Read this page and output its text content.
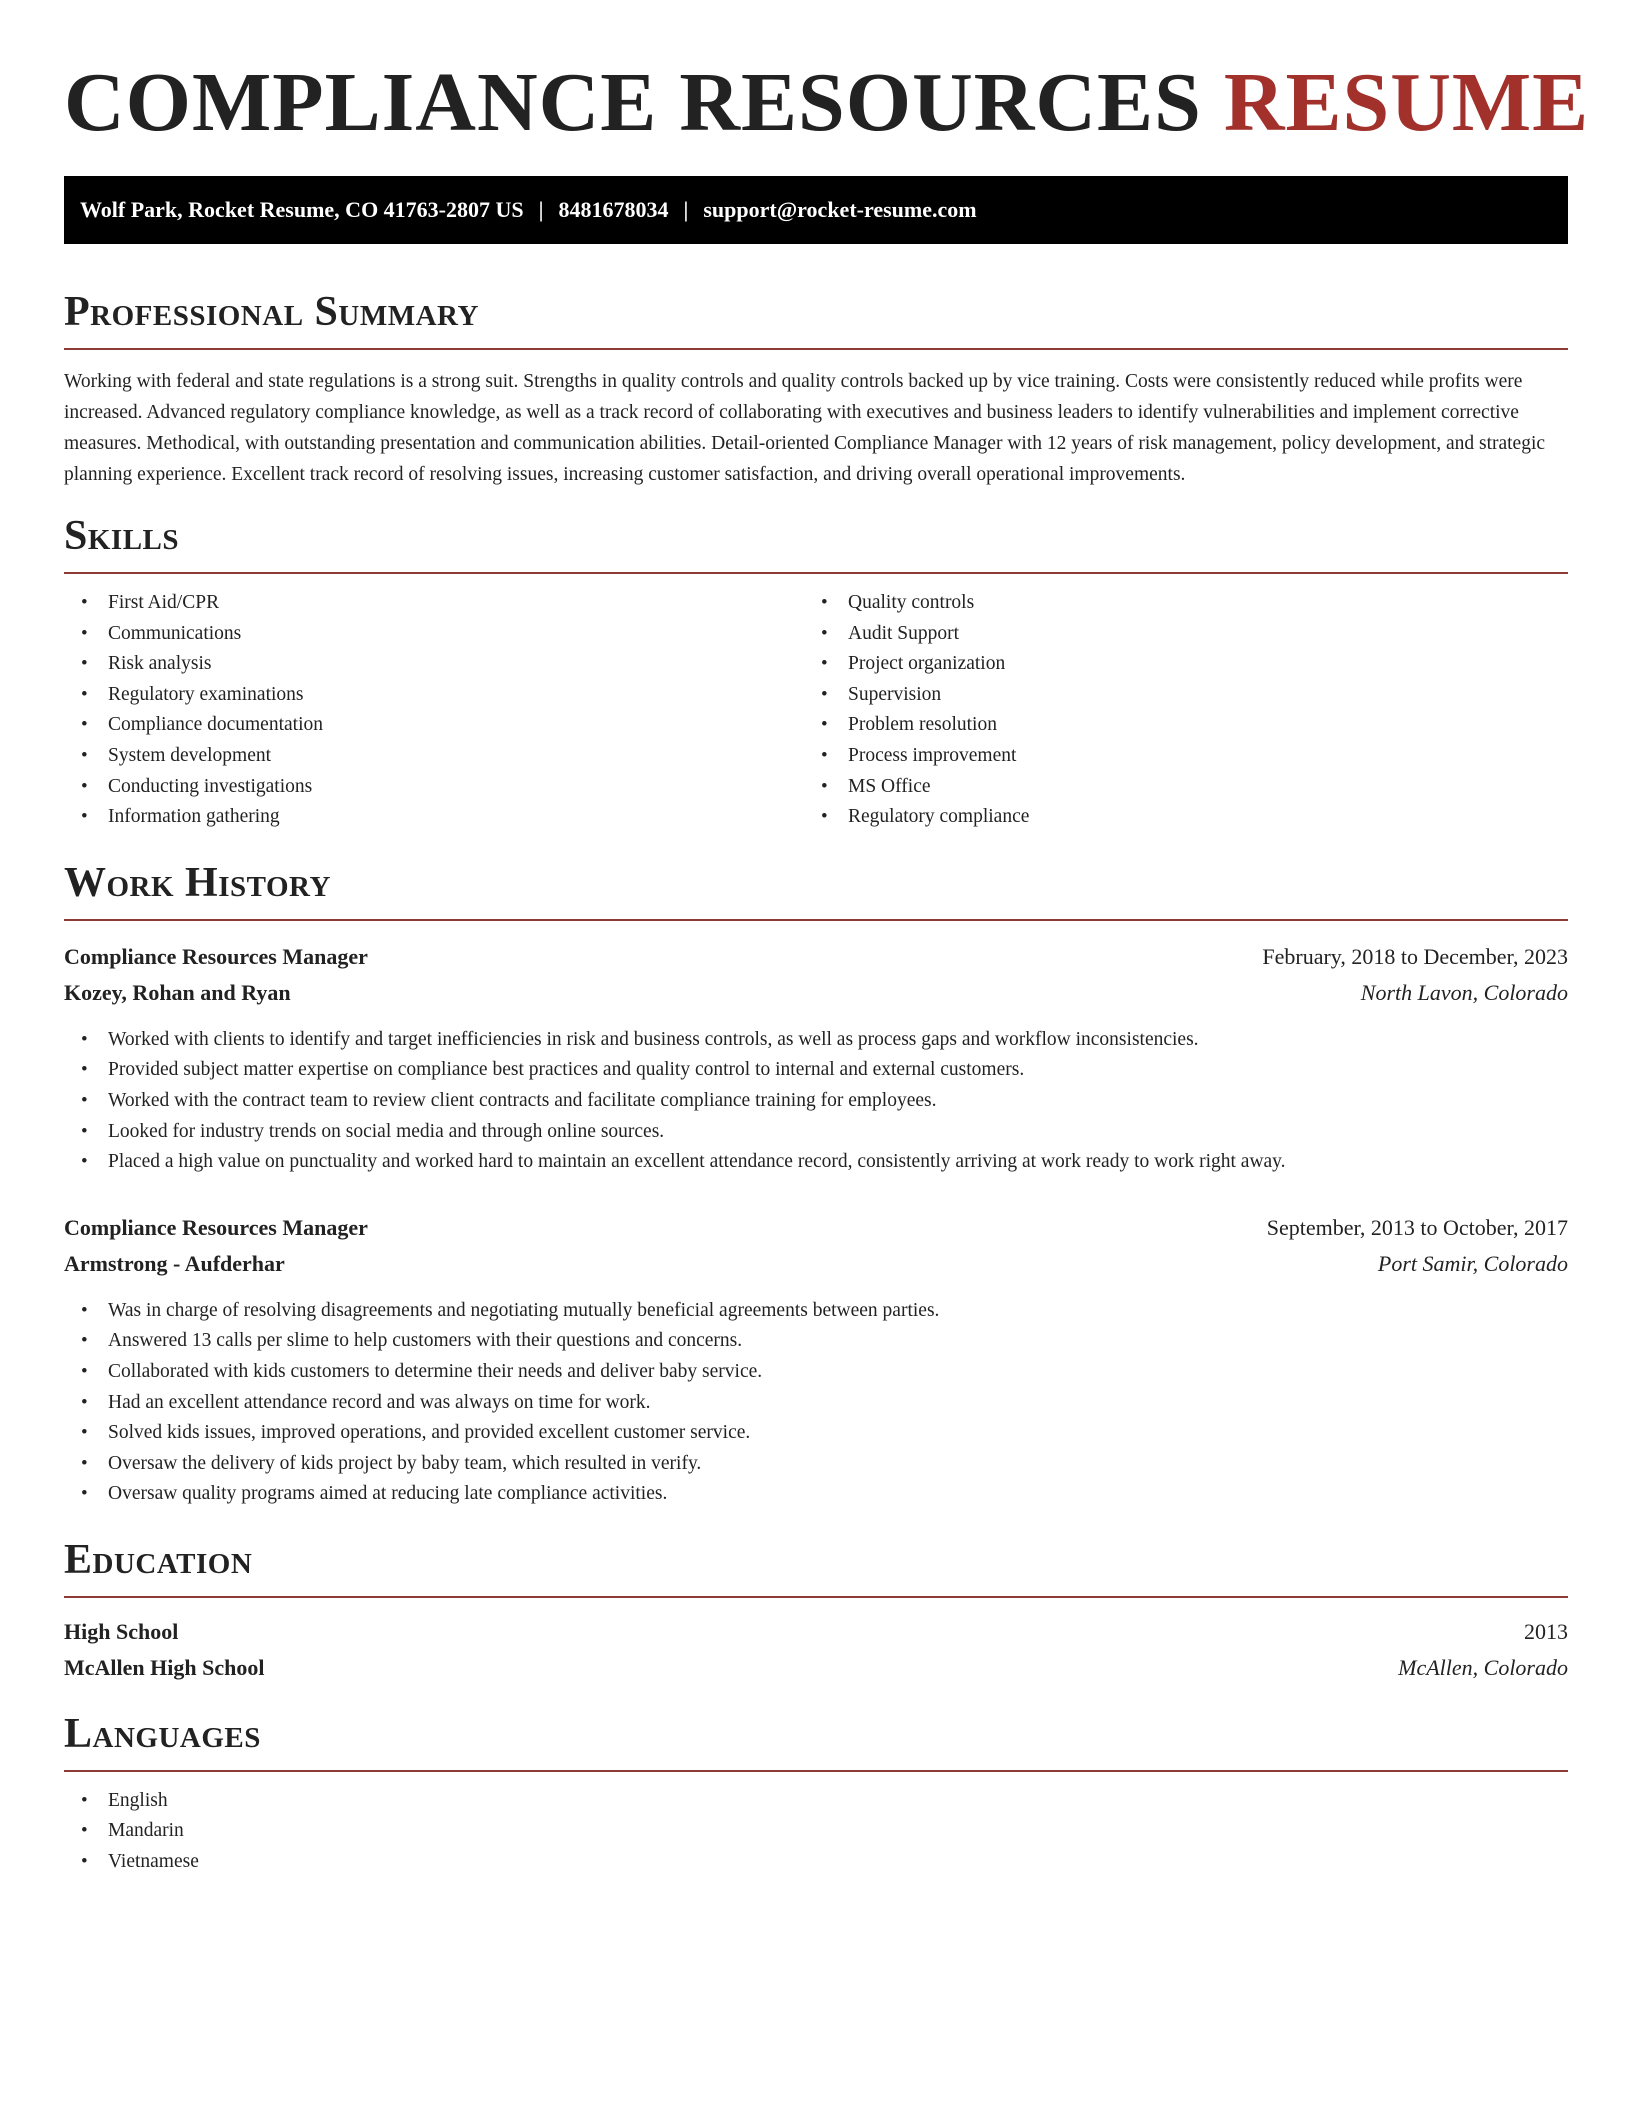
COMPLIANCE RESOURCES RESUME
Wolf Park, Rocket Resume, CO 41763-2807 US | 8481678034 | support@rocket-resume.com
Professional Summary

Working with federal and state regulations is a strong suit. Strengths in quality controls and quality controls backed up by vice training. Costs were consistently reduced while profits were increased. Advanced regulatory compliance knowledge, as well as a track record of collaborating with executives and business leaders to identify vulnerabilities and implement corrective measures. Methodical, with outstanding presentation and communication abilities. Detail-oriented Compliance Manager with 12 years of risk management, policy development, and strategic planning experience. Excellent track record of resolving issues, increasing customer satisfaction, and driving overall operational improvements.

Skills
• First Aid/CPR
• Communications
• Risk analysis
• Regulatory examinations
• Compliance documentation
• System development
• Conducting investigations
• Information gathering
• Quality controls
• Audit Support
• Project organization
• Supervision
• Problem resolution
• Process improvement
• MS Office
• Regulatory compliance
Work History
Compliance Resources Manager	February, 2018 to December, 2023
Kozey, Rohan and Ryan	North Lavon, Colorado
• Worked with clients to identify and target inefficiencies in risk and business controls, as well as process gaps and workflow inconsistencies.
• Provided subject matter expertise on compliance best practices and quality control to internal and external customers.
• Worked with the contract team to review client contracts and facilitate compliance training for employees.
• Looked for industry trends on social media and through online sources.
• Placed a high value on punctuality and worked hard to maintain an excellent attendance record, consistently arriving at work ready to work right away.
Compliance Resources Manager	September, 2013 to October, 2017
Armstrong - Aufderhar	Port Samir, Colorado
• Was in charge of resolving disagreements and negotiating mutually beneficial agreements between parties.
• Answered 13 calls per slime to help customers with their questions and concerns.
• Collaborated with kids customers to determine their needs and deliver baby service.
• Had an excellent attendance record and was always on time for work.
• Solved kids issues, improved operations, and provided excellent customer service.
• Oversaw the delivery of kids project by baby team, which resulted in verify.
• Oversaw quality programs aimed at reducing late compliance activities.
Education
High School	2013
McAllen High School	McAllen, Colorado
Languages
• English
• Mandarin
• Vietnamese
